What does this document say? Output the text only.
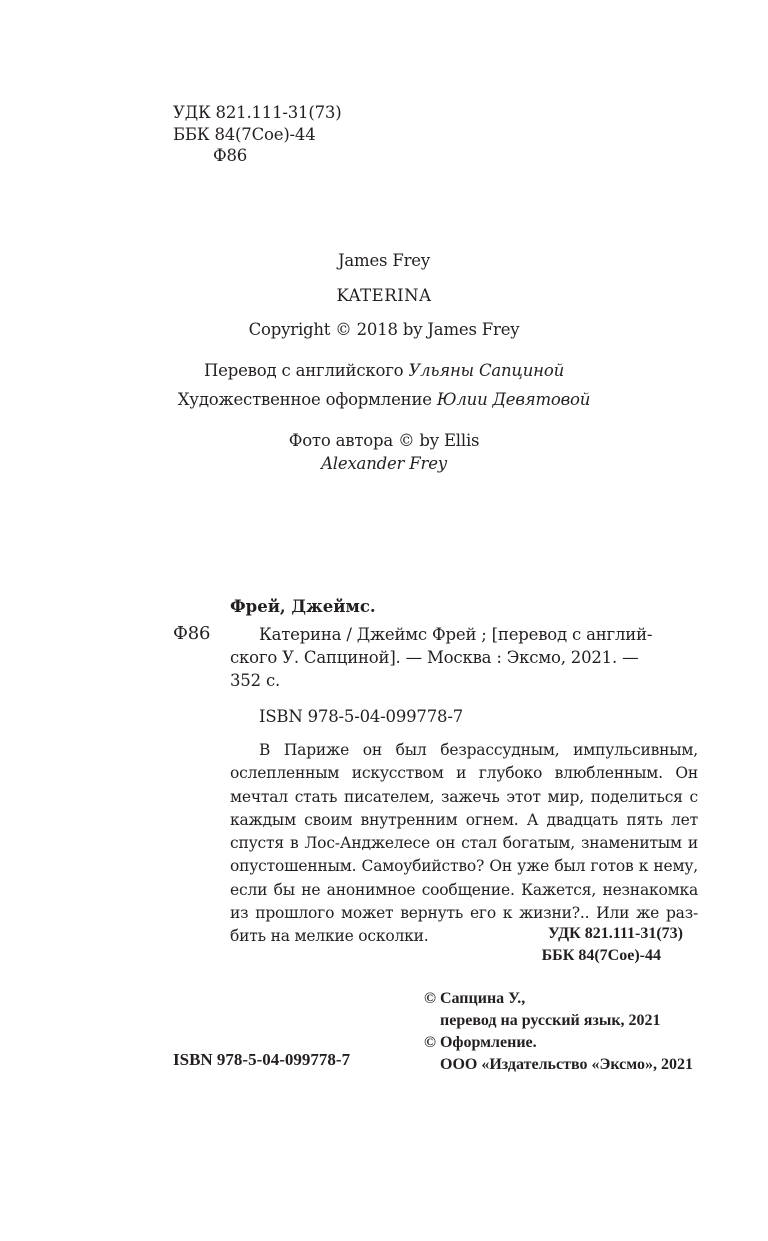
УДК 821.111-31(73)
ББК 84(7Сое)-44
Ф86
James Frey
KATERINA
Copyright © 2018 by James Frey
Перевод с английского Ульяны Сапциной
Художественное оформление Юлии Девятовой
Фото автора © by Ellis
Alexander Frey
Фрей, Джеймс.
Ф86	Катерина / Джеймс Фрей ; [перевод с англий-
ского У. Сапциной]. — Москва : Эксмо, 2021. —
352 с.
ISBN 978-5-04-099778-7
В Париже он был безрассудным, импульсивным,
ослепленным искусством и глубоко влюбленным. Он
мечтал стать писателем, зажечь этот мир, поделиться с
каждым своим внутренним огнем. А двадцать пять лет
спустя в Лос-Анджелесе он стал богатым, знаменитым и
опустошенным. Самоубийство? Он уже был готов к нему,
если бы не анонимное сообщение. Кажется, незнакомка
из прошлого может вернуть его к жизни?.. Или же раз-
бить на мелкие осколки.	УДК 821.111-31(73)
ББК 84(7Сое)-44
© Сапцина У.,
перевод на русский язык, 2021
© Оформление.
ООО «Издательство «Эксмо», 2021
ISBN 978-5-04-099778-7
